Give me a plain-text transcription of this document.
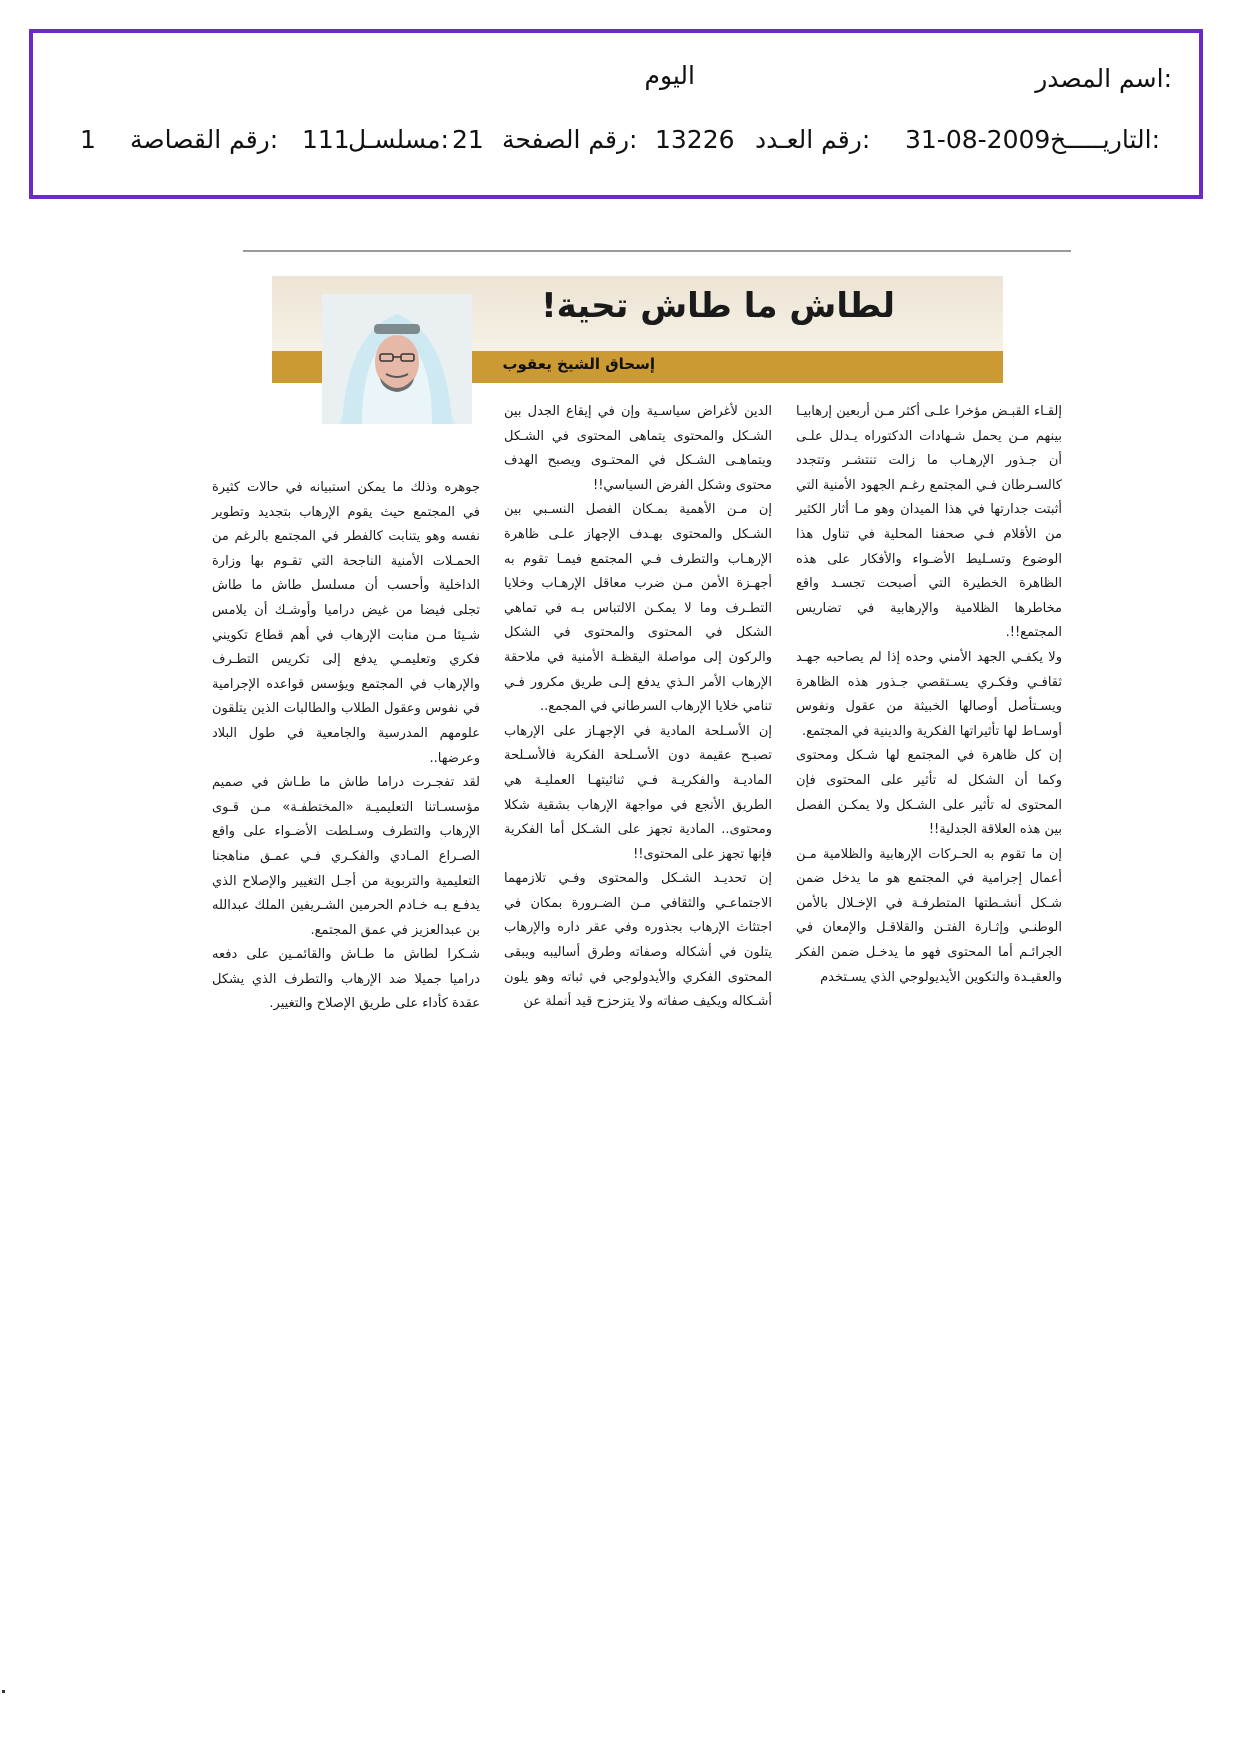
اسم المصدر:
اليوم
التاريـــــخ:
31-08-2009
رقم العـدد:
13226
رقم الصفحة:
21
مسلسـل:
111
رقم القصاصة:
1
لطاش ما طاش تحية!
إسحاق الشيخ يعقوب

إلقـاء القبـض مؤخرا علـى أكثر مـن أربعين إرهابيـا بينهم مـن يحمل شـهادات الدكتوراه يـدلل علـى أن جـذور الإرهـاب ما زالت تنتشـر وتتجدد كالسـرطان فـي المجتمع رغـم الجهود الأمنية التي أثبتت جدارتها في هذا الميدان وهو مـا أثار الكثير من الأقلام فـي صحفنا المحلية في تناول هذا الوضوع وتسـليط الأضـواء والأفكار على هذه الظاهرة الخطيرة التي أصبحت تجسـد واقع مخاطرها الظلامية والإرهابية في تضاريس المجتمع!!.

ولا يكفـي الجهد الأمني وحده إذا لم يصاحبه جهـد ثقافـي وفكـري يسـتقصي جـذور هذه الظاهرة ويسـتأصل أوصالها الخبيثة من عقول ونفوس أوسـاط لها تأثيراتها الفكرية والدينية في المجتمع.

إن كل ظاهرة في المجتمع لها شـكل ومحتوى وكما أن الشكل له تأثير على المحتوى فإن المحتوى له تأثير على الشـكل ولا يمكـن الفصل بين هذه العلاقة الجدلية!!

إن ما تقوم به الحـركات الإرهابية والظلامية مـن أعمال إجرامية في المجتمع هو ما يدخل ضمن شـكل أنشـطتها المتطرفـة في الإخـلال بالأمن الوطنـي وإثـارة الفتـن والقلاقـل والإمعان في الجرائـم أما المحتوى فهو ما يدخـل ضمن الفكر والعقيـدة والتكوين الأيديولوجي الذي يسـتخدم

الدين لأغراض سياسـية وإن في إيقاع الجدل بين الشـكل والمحتوى يتماهى المحتوى في الشـكل ويتماهـى الشـكل في المحتـوى ويصبح الهدف محتوى وشكل الفرض السياسي!!

إن مـن الأهمية بمـكان الفصل النسـبي بين الشـكل والمحتوى بهـدف الإجهاز علـى ظاهرة الإرهـاب والتطرف فـي المجتمع فيمـا تقوم به أجهـزة الأمن مـن ضرب معاقل الإرهـاب وخلايا التطـرف وما لا يمكـن الالتباس بـه في تماهي الشكل في المحتوى والمحتوى في الشكل والركون إلى مواصلة اليقظـة الأمنية في ملاحقة الإرهاب الأمر الـذي يدفع إلـى طريق مكرور فـي تنامي خلايا الإرهاب السرطاني في المجمع..

إن الأسـلحة المادية في الإجهـاز على الإرهاب تصبـح عقيمة دون الأسـلحة الفكرية فالأسـلحة الماديـة والفكريـة فـي ثنائيتهـا العمليـة هي الطريق الأنجع في مواجهة الإرهاب بشقية شكلا ومحتوى.. المادية تجهز على الشـكل أما الفكرية فإنها تجهز على المحتوى!!

إن تحديـد الشـكل والمحتوى وفـي تلازمهما الاجتماعـي والثقافي مـن الضـرورة بمكان في اجتثاث الإرهاب بجذوره وفي عقر داره والإرهاب يتلون في أشكاله وصفاته وطرق أساليبه ويبقى المحتوى الفكري والأيدولوجي في ثباته وهو يلون أشـكاله ويكيف صفاته ولا يتزحزح قيد أنملة عن

جوهره وذلك ما يمكن استبيانه في حالات كثيرة في المجتمع حيث يقوم الإرهاب بتجديد وتطوير نفسه وهو يتنابت كالفطر في المجتمع بالرغم من الحمـلات الأمنية الناجحة التي تقـوم بها وزارة الداخلية وأحسب أن مسلسل طاش ما طاش تجلى فيضا من غيض دراميا وأوشـك أن يلامس شـيئا مـن منابت الإرهاب في أهم قطاع تكويني فكري وتعليمـي يدفع إلى تكريس التطـرف والإرهاب في المجتمع ويؤسس قواعده الإجرامية في نفوس وعقول الطلاب والطالبات الذين يتلقون علومهم المدرسية والجامعية في طول البلاد وعرضها..

لقد تفجـرت دراما طاش ما طـاش في صميم مؤسسـاتنا التعليميـة «المختطفـة» مـن قـوى الإرهاب والتطرف وسـلطت الأضـواء على واقع الصـراع المـادي والفكـري فـي عمـق مناهجنا التعليمية والتربوية من أجـل التغيير والإصلاح الذي يدفـع بـه خـادم الحرمين الشـريفين الملك عبدالله بن عبدالعزيز في عمق المجتمع.

شـكرا لطاش ما طـاش والقائمـين على دفعه دراميا جميلا ضد الإرهاب والتطرف الذي يشكل عقدة كأداء على طريق الإصلاح والتغيير.
